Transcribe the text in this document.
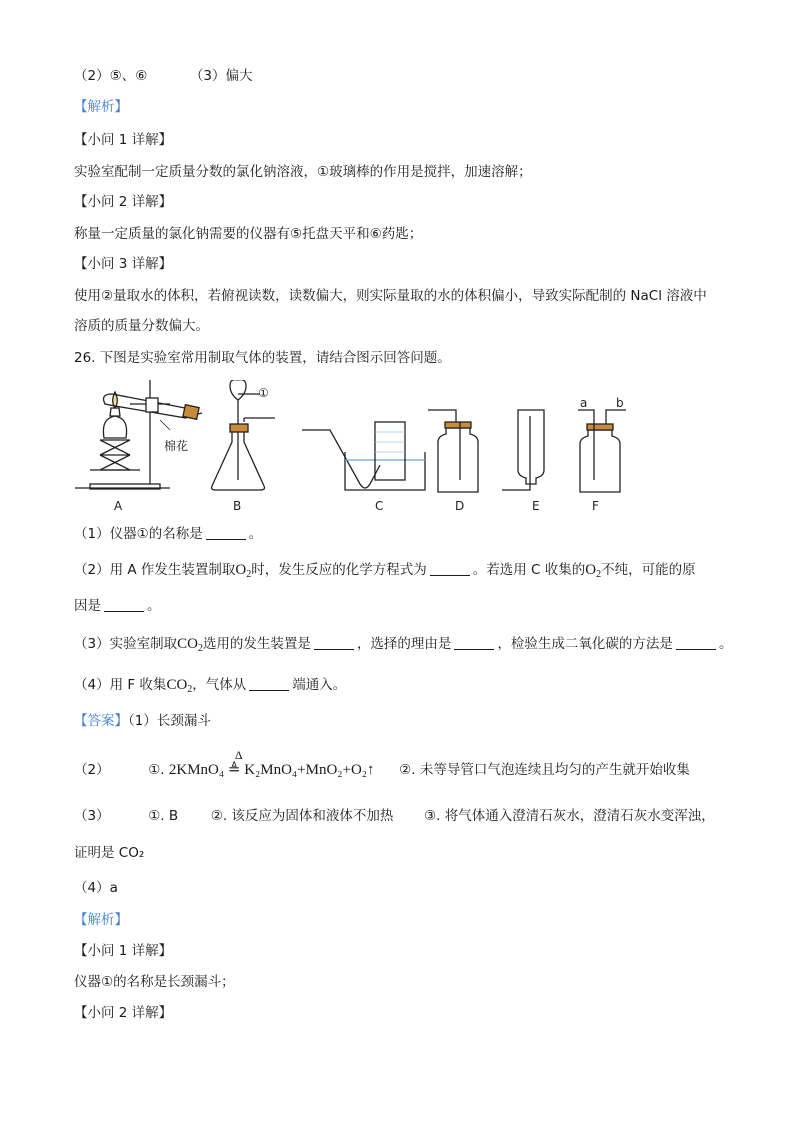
（2）⑤、⑥	（3）偏大
【解析】
【小问 1 详解】
实验室配制一定质量分数的氯化钠溶液，①玻璃棒的作用是搅拌，加速溶解；
【小问 2 详解】
称量一定质量的氯化钠需要的仪器有⑤托盘天平和⑥药匙；
【小问 3 详解】
使用②量取水的体积，若俯视读数，读数偏大，则实际量取的水的体积偏小，导致实际配制的 NaCl 溶液中
溶质的质量分数偏大。
26. 下图是实验室常用制取气体的装置，请结合图示回答问题。
棉花
①
a b
A	B	C	D	E	F
（1）仪器①的名称是	。
（2）用 A 作发生装置制取$O_2$时，发生反应的化学方程式为	。若选用 C 收集的$O_2$不纯，可能的原
因是	。
（3）实验室制取$CO_2$选用的发生装置是	，选择的理由是	，检验生成二氧化碳的方法是	。
（4）用 F 收集$CO_2$，气体从	端通入。
【答案】（1）长颈漏斗
（2）	①.
Δ
2KMnO₄ ≜ K₂MnO₄+MnO₂+O₂↑ ②. 未等导管口气泡连续且均匀的产生就开始收集
（3）	①. B ②. 该反应为固体和液体不加热 ③. 将气体通入澄清石灰水，澄清石灰水变浑浊，
证明是 CO₂
（4）a
【解析】
【小问 1 详解】
仪器①的名称是长颈漏斗；
【小问 2 详解】
